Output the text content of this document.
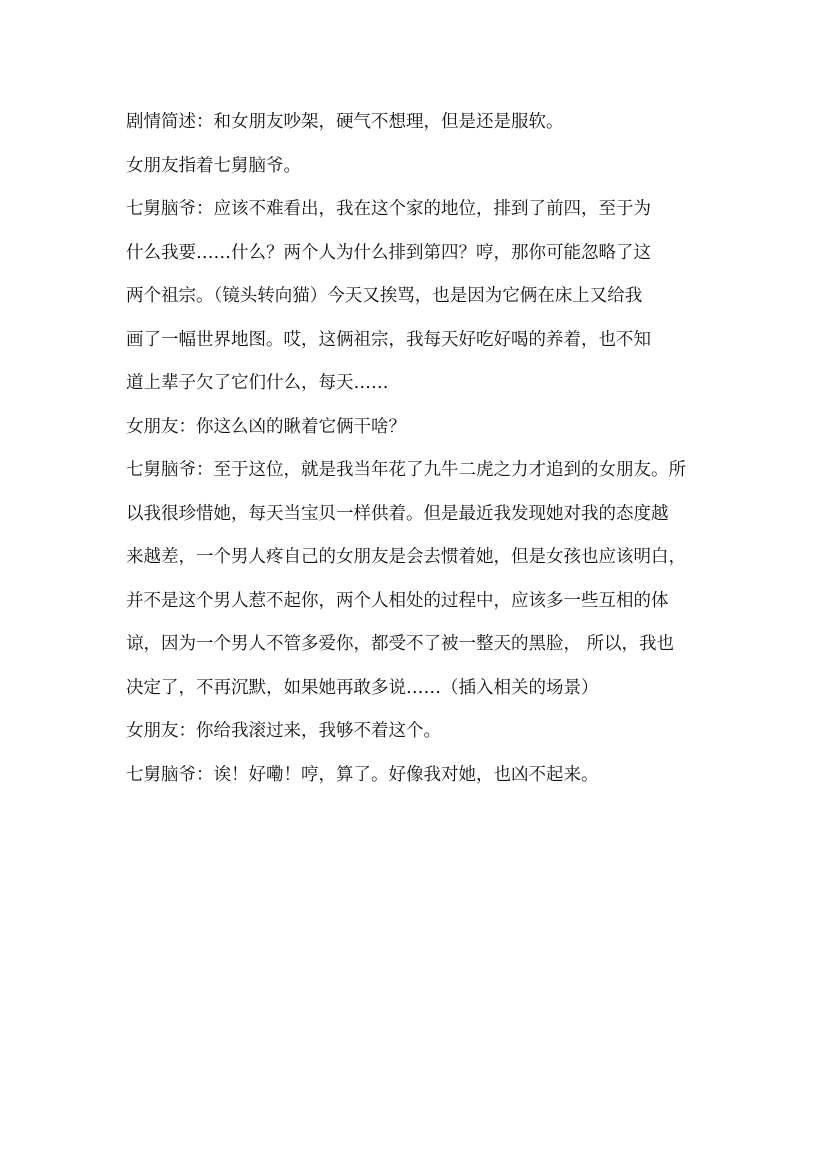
剧情简述：和女朋友吵架，硬气不想理，但是还是服软。
女朋友指着七舅脑爷。
七舅脑爷：应该不难看出，我在这个家的地位，排到了前四，至于为
什么我要……什么？两个人为什么排到第四？哼，那你可能忽略了这
两个祖宗。（镜头转向猫）今天又挨骂，也是因为它俩在床上又给我
画了一幅世界地图。哎，这俩祖宗，我每天好吃好喝的养着，也不知
道上辈子欠了它们什么，每天……
女朋友：你这么凶的瞅着它俩干啥？
七舅脑爷：至于这位，就是我当年花了九牛二虎之力才追到的女朋友。所
以我很珍惜她，每天当宝贝一样供着。但是最近我发现她对我的态度越
来越差，一个男人疼自己的女朋友是会去惯着她，但是女孩也应该明白，
并不是这个男人惹不起你，两个人相处的过程中，应该多一些互相的体
谅，因为一个男人不管多爱你，都受不了被一整天的黑脸， 所以，我也
决定了，不再沉默，如果她再敢多说……（插入相关的场景）
女朋友：你给我滚过来，我够不着这个。
七舅脑爷：诶！好嘞！哼，算了。好像我对她，也凶不起来。
